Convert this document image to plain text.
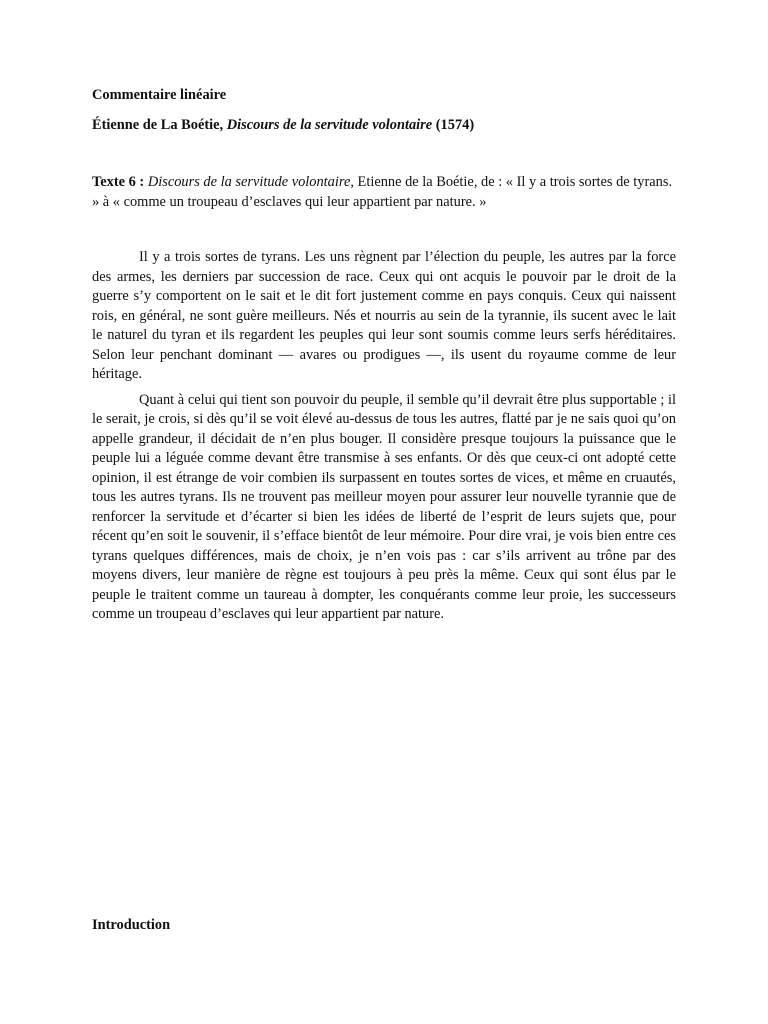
Commentaire linéaire
Étienne de La Boétie, Discours de la servitude volontaire (1574)
Texte 6 : Discours de la servitude volontaire, Etienne de la Boétie, de : « Il y a trois sortes de tyrans. » à « comme un troupeau d’esclaves qui leur appartient par nature. »

Il y a trois sortes de tyrans. Les uns règnent par l’élection du peuple, les autres par la force des armes, les derniers par succession de race. Ceux qui ont acquis le pouvoir par le droit de la guerre s’y comportent on le sait et le dit fort justement comme en pays conquis. Ceux qui naissent rois, en général, ne sont guère meilleurs. Nés et nourris au sein de la tyrannie, ils sucent avec le lait le naturel du tyran et ils regardent les peuples qui leur sont soumis comme leurs serfs héréditaires. Selon leur penchant dominant — avares ou prodigues —, ils usent du royaume comme de leur héritage.

Quant à celui qui tient son pouvoir du peuple, il semble qu’il devrait être plus supportable ; il le serait, je crois, si dès qu’il se voit élevé au-dessus de tous les autres, flatté par je ne sais quoi qu’on appelle grandeur, il décidait de n’en plus bouger. Il considère presque toujours la puissance que le peuple lui a léguée comme devant être transmise à ses enfants. Or dès que ceux-ci ont adopté cette opinion, il est étrange de voir combien ils surpassent en toutes sortes de vices, et même en cruautés, tous les autres tyrans. Ils ne trouvent pas meilleur moyen pour assurer leur nouvelle tyrannie que de renforcer la servitude et d’écarter si bien les idées de liberté de l’esprit de leurs sujets que, pour récent qu’en soit le souvenir, il s’efface bientôt de leur mémoire. Pour dire vrai, je vois bien entre ces tyrans quelques différences, mais de choix, je n’en vois pas : car s’ils arrivent au trône par des moyens divers, leur manière de règne est toujours à peu près la même. Ceux qui sont élus par le peuple le traitent comme un taureau à dompter, les conquérants comme leur proie, les successeurs comme un troupeau d’esclaves qui leur appartient par nature.

Introduction
